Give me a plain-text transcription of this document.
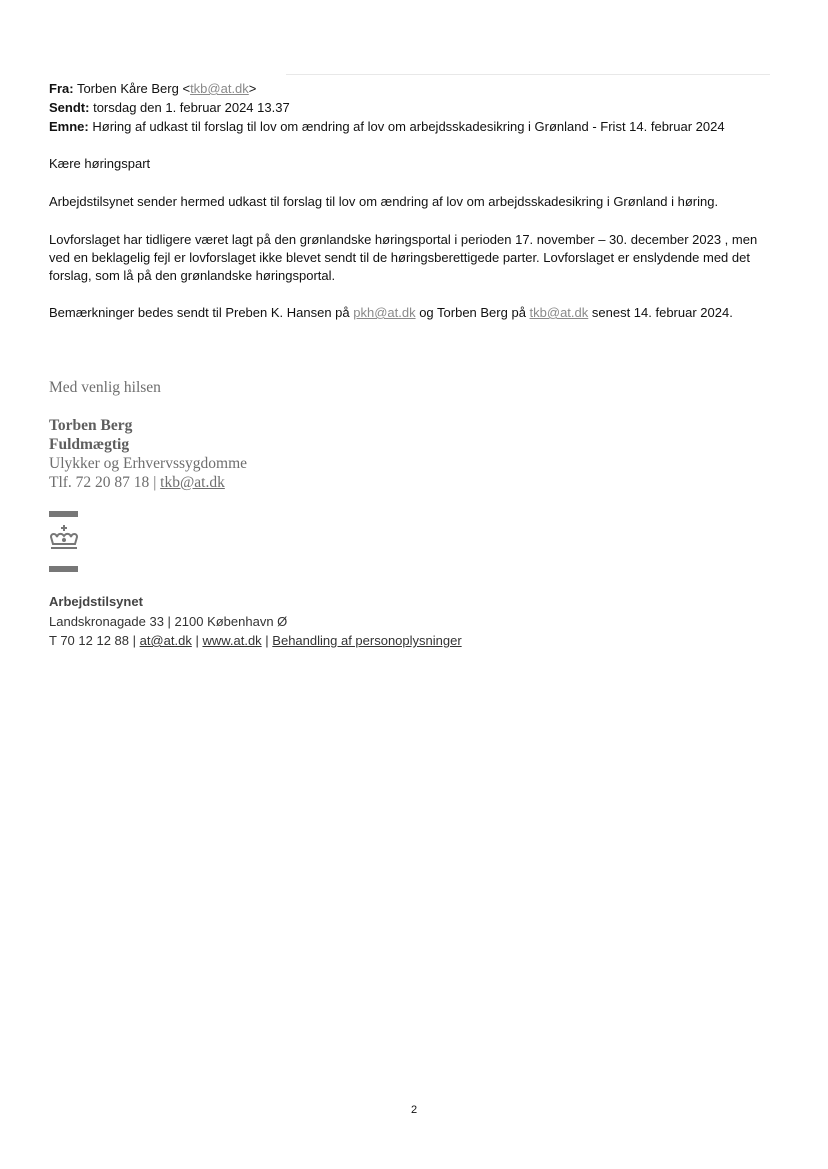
Fra: Torben Kåre Berg <tkb@at.dk>
Sendt: torsdag den 1. februar 2024 13.37
Emne: Høring af udkast til forslag til lov om ændring af lov om arbejdsskadesikring i Grønland - Frist 14. februar 2024
Kære høringspart
Arbejdstilsynet sender hermed udkast til forslag til lov om ændring af lov om arbejdsskadesikring i Grønland i høring.
Lovforslaget har tidligere været lagt på den grønlandske høringsportal i perioden 17. november – 30. december 2023 , men ved en beklagelig fejl er lovforslaget ikke blevet sendt til de høringsberettigede parter. Lovforslaget er enslydende med det forslag, som lå på den grønlandske høringsportal.
Bemærkninger bedes sendt til Preben K. Hansen på pkh@at.dk og Torben Berg på tkb@at.dk senest 14. februar 2024.
Med venlig hilsen
Torben Berg
Fuldmægtig
Ulykker og Erhvervssygdomme
Tlf. 72 20 87 18 | tkb@at.dk
Arbejdstilsynet
Landskronagade 33 | 2100 København Ø
T 70 12 12 88 | at@at.dk | www.at.dk | Behandling af personoplysninger
2
